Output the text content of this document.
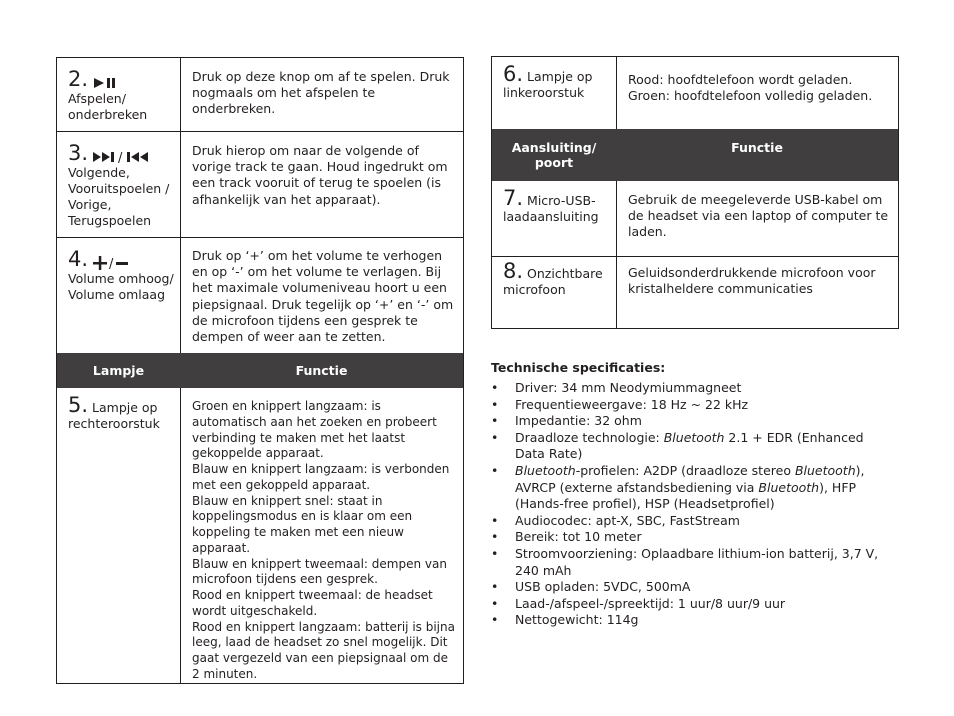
2.
Afspelen/ onderbreken
Druk op deze knop om af te spelen. Druk nogmaals om het afspelen te onderbreken.
3. /

Volgende, Vooruitspoelen / Vorige, Terugspoelen
Druk hierop om naar de volgende of vorige track te gaan. Houd ingedrukt om een track vooruit of terug te spoelen (is afhankelijk van het apparaat).
4. /

Volume omhoog/ Volume omlaag
Druk op ‘+’ om het volume te verhogen en op ‘-’ om het volume te verlagen. Bij het maximale volumeniveau hoort u een piepsignaal. Druk tegelijk op ‘+’ en ‘-’ om de microfoon tijdens een gesprek te dempen of weer aan te zetten.
Lampje	Functie
5. Lampje op
rechteroorstuk

Groen en knippert langzaam: is automatisch aan het zoeken en probeert verbinding te maken met het laatst gekoppelde apparaat.

Blauw en knippert langzaam: is verbonden met een gekoppeld apparaat.

Blauw en knippert snel: staat in koppelingsmodus en is klaar om een koppeling te maken met een nieuw apparaat.

Blauw en knippert tweemaal: dempen van microfoon tijdens een gesprek.

Rood en knippert tweemaal: de headset wordt uitgeschakeld.

Rood en knippert langzaam: batterij is bijna leeg, laad de headset zo snel mogelijk. Dit gaat vergezeld van een piepsignaal om de 2 minuten.

6. Lampje op
linkeroorstuk

Rood: hoofdtelefoon wordt geladen.

Groen: hoofdtelefoon volledig geladen.

Aansluiting/ poort
Functie
7. Micro-USB-
laadaansluiting
Gebruik de meegeleverde USB-kabel om de headset via een laptop of computer te laden.
8. Onzichtbare
microfoon
Geluidsonderdrukkende microfoon voor kristalheldere communicaties
Technische specificaties:
• Driver: 34 mm Neodymiummagneet
• Frequentieweergave: 18 Hz ~ 22 kHz
• Impedantie: 32 ohm
• Draadloze technologie: Bluetooth 2.1 + EDR (Enhanced Data Rate)
• Bluetooth-profielen: A2DP (draadloze stereo Bluetooth), AVRCP (externe afstandsbediening via Bluetooth), HFP (Hands-free profiel), HSP (Headsetprofiel)
• Audiocodec: apt-X, SBC, FastStream
• Bereik: tot 10 meter
• Stroomvoorziening: Oplaadbare lithium-ion batterij, 3,7 V, 240 mAh
• USB opladen: 5VDC, 500mA
• Laad-/afspeel-/spreektijd: 1 uur/8 uur/9 uur
• Nettogewicht: 114g
